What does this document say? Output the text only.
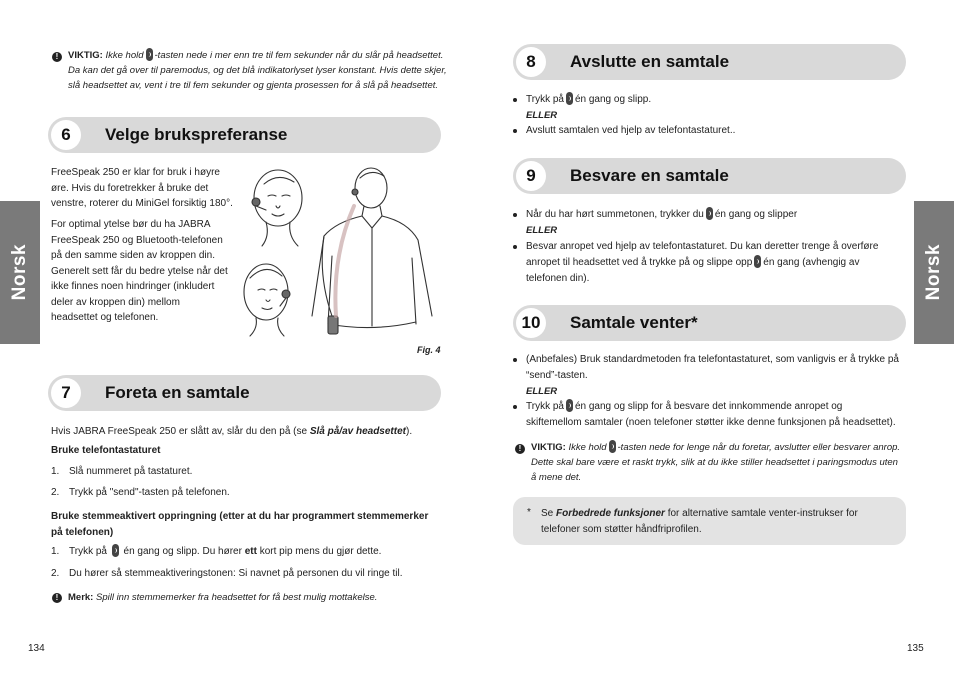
Norsk
!	VIKTIG: Ikke hold -tasten nede i mer enn tre til fem sekunder når du slår på headsettet.
Da kan det gå over til paremodus, og det blå indikatorlyset lyser konstant. Hvis dette skjer,
slå headsettet av, vent i tre til fem sekunder og gjenta prosessen for å slå på headsettet.
6	Velge brukspreferanse
FreeSpeak 250 er klar for bruk i høyre
øre. Hvis du foretrekker å bruke det
venstre, roterer du MiniGel forsiktig 180°.
For optimal ytelse bør du ha JABRA
FreeSpeak 250 og Bluetooth-telefonen
på den samme siden av kroppen din.
Generelt sett får du bedre ytelse når det
ikke finnes noen hindringer (inkludert
deler av kroppen din) mellom
headsettet og telefonen.
Fig. 4
7	Foreta en samtale
Hvis JABRA FreeSpeak 250 er slått av, slår du den på (se Slå på/av headsettet).
Bruke telefontastaturet
1. Slå nummeret på tastaturet.
2. Trykk på "send"-tasten på telefonen.
Bruke stemmeaktivert oppringning (etter at du har programmert stemmemerker
på telefonen)
1. Trykk på én gang og slipp. Du hører ett kort pip mens du gjør dette.
2. Du hører så stemmeaktiveringstonen: Si navnet på personen du vil ringe til.
!	Merk: Spill inn stemmemerker fra headsettet for få best mulig mottakelse.
134
Norsk
8	Avslutte en samtale
Trykk på én gang og slipp.
ELLER
Avslutt samtalen ved hjelp av telefontastaturet..
9	Besvare en samtale
Når du har hørt summetonen, trykker du én gang og slipper
ELLER
Besvar anropet ved hjelp av telefontastaturet. Du kan deretter trenge å overføre
anropet til headsettet ved å trykke på og slippe opp én gang (avhengig av
telefonen din).
10	Samtale venter*
(Anbefales) Bruk standardmetoden fra telefontastaturet, som vanligvis er å trykke på
“send”-tasten.
ELLER
Trykk på én gang og slipp for å besvare det innkommende anropet og
skiftemellom samtaler (noen telefoner støtter ikke denne funksjonen på headsettet).
!	VIKTIG: Ikke hold -tasten nede for lenge når du foretar, avslutter eller besvarer anrop.
Dette skal bare være et raskt trykk, slik at du ikke stiller headsettet i paringsmodus uten
å mene det.
* Se Forbedrede funksjoner for alternative samtale venter-instrukser for
telefoner som støtter håndfriprofilen.
135
